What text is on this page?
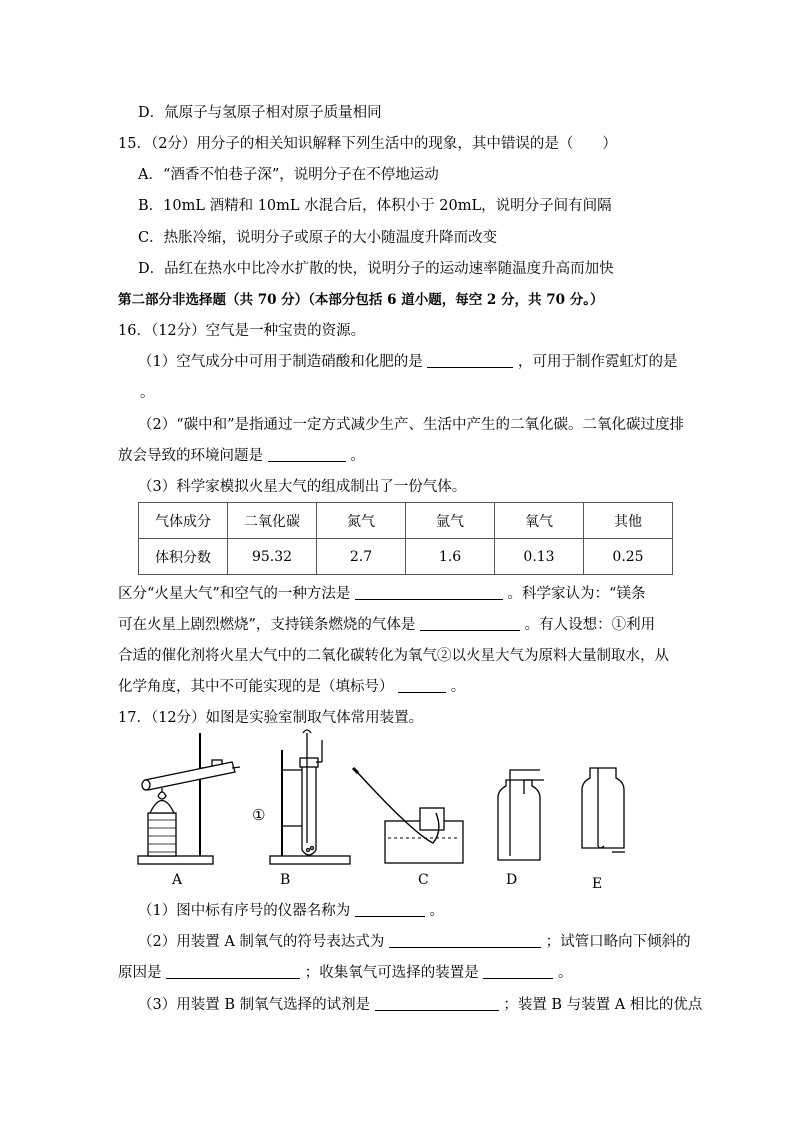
D．氚原子与氢原子相对原子质量相同
15．（2分）用分子的相关知识解释下列生活中的现象，其中错误的是（　　）
A．“酒香不怕巷子深”，说明分子在不停地运动
B．10mL 酒精和 10mL 水混合后，体积小于 20mL，说明分子间有间隔
C．热胀冷缩，说明分子或原子的大小随温度升降而改变
D．品红在热水中比冷水扩散的快，说明分子的运动速率随温度升高而加快
第二部分非选择题（共 70 分）（本部分包括 6 道小题，每空 2 分，共 70 分。）
16．（12分）空气是一种宝贵的资源。
（1）空气成分中可用于制造硝酸和化肥的是	，可用于制作霓虹灯的是
。
（2）“碳中和”是指通过一定方式减少生产、生活中产生的二氧化碳。二氧化碳过度排
放会导致的环境问题是	。
（3）科学家模拟火星大气的组成制出了一份气体。
气体成分	二氧化碳	氮气	氩气	氧气	其他
体积分数	95.32	2.7	1.6	0.13	0.25
区分“火星大气”和空气的一种方法是	。科学家认为：“镁条
可在火星上剧烈燃烧”，支持镁条燃烧的气体是	。有人设想：①利用
合适的催化剂将火星大气中的二氧化碳转化为氧气②以火星大气为原料大量制取水，从
化学角度，其中不可能实现的是（填标号）	。
17．（12分）如图是实验室制取气体常用装置。
A	B	C	D	E
①
（1）图中标有序号的仪器名称为	。
（2）用装置 A 制氧气的符号表达式为	；试管口略向下倾斜的
原因是	；收集氧气可选择的装置是	。
（3）用装置 B 制氧气选择的试剂是	；装置 B 与装置 A 相比的优点
